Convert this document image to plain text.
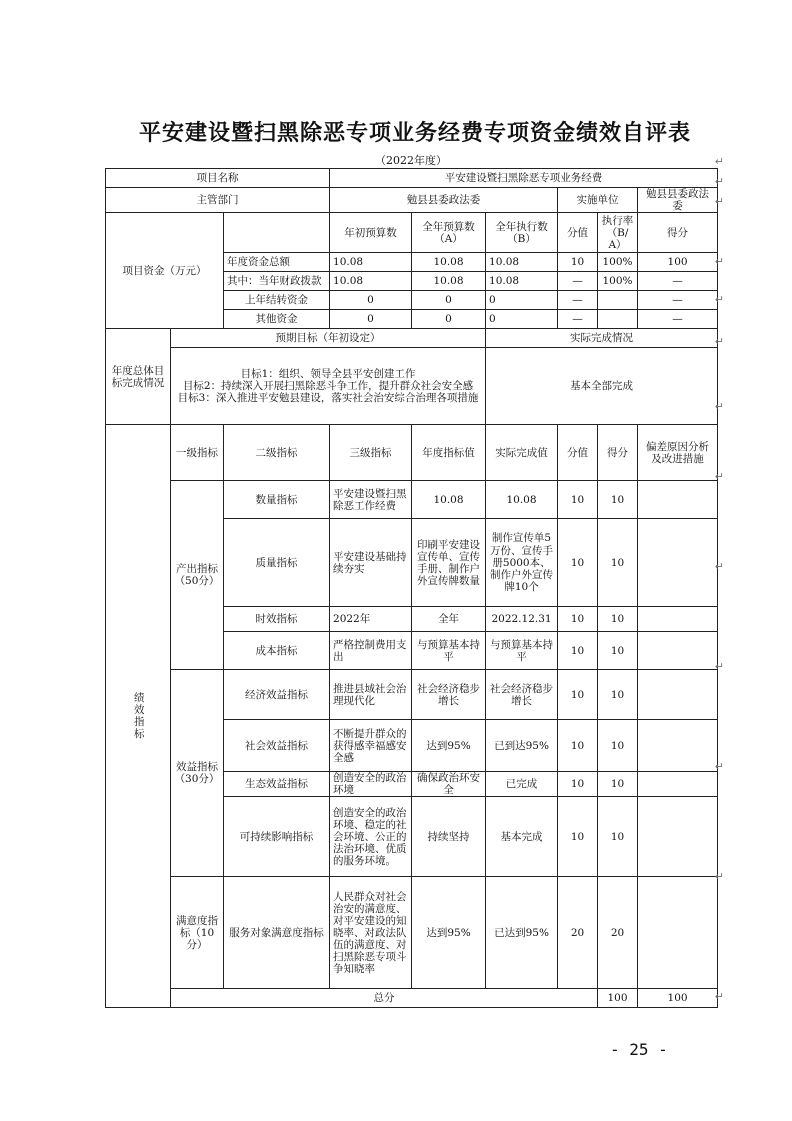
平安建设暨扫黑除恶专项业务经费专项资金绩效自评表
（2022年度）
项目名称			平安建设暨扫黑除恶专项业务经费						
主管部门			勉县县委政法委			实施单位		勉县县委政法委	
项目资金（万元）			年初预算数	全年预算数（A）	全年执行数（B）	分值	执行率（B/A）	得分	
		年度资金总额	10.08	10.08	10.08	10	100%	100	
		其中：当年财政拨款	10.08	10.08	10.08	—	100%	—	
		上年结转资金	0	0	0	—		—	
		其他资金	0	0	0	—		—	
年度总体目标完成情况	预期目标（年初设定）				实际完成情况				

	目标1：组织、领导全县平安创建工作
目标2：持续深入开展扫黑除恶斗争工作，提升群众社会安全感
目标3：深入推进平安勉县建设，落实社会治安综合治理各项措施				基本全部完成				
绩效指标	一级指标	二级指标	三级指标	年度指标值	实际完成值	分值	得分	偏差原因分析及改进措施	
	产出指标（50分）	数量指标	平安建设暨扫黑除恶工作经费	10.08	10.08	10	10		
		质量指标	平安建设基础持续夯实	印刷平安建设宣传单、宣传手册、制作户外宣传牌数量	制作宣传单5万份、宣传手册5000本、制作户外宣传牌10个	10	10		
		时效指标	2022年	全年	2022.12.31	10	10		
		成本指标	严格控制费用支出	与预算基本持平	与预算基本持平	10	10		
	效益指标（30分）	经济效益指标	推进县域社会治理现代化	社会经济稳步增长	社会经济稳步增长	10	10		
		社会效益指标	不断提升群众的获得感幸福感安全感	达到95%	已到达95%	10	10		
		生态效益指标	创造安全的政治环境	确保政治环安全	已完成	10	10		
		可持续影响指标	创造安全的政治环境、稳定的社会环境、公正的法治环境、优质的服务环境。	持续坚持	基本完成	10	10		
	满意度指标（10分）	服务对象满意度指标	人民群众对社会治安的满意度、对平安建设的知晓率、对政法队伍的满意度、对扫黑除恶专项斗争知晓率	达到95%	已达到95%	20	20		
	总分						100	100	
↵
↵
↵
↵
↵
↵
↵
↵
↵
↵
↵
↵
↵
- 25 -
